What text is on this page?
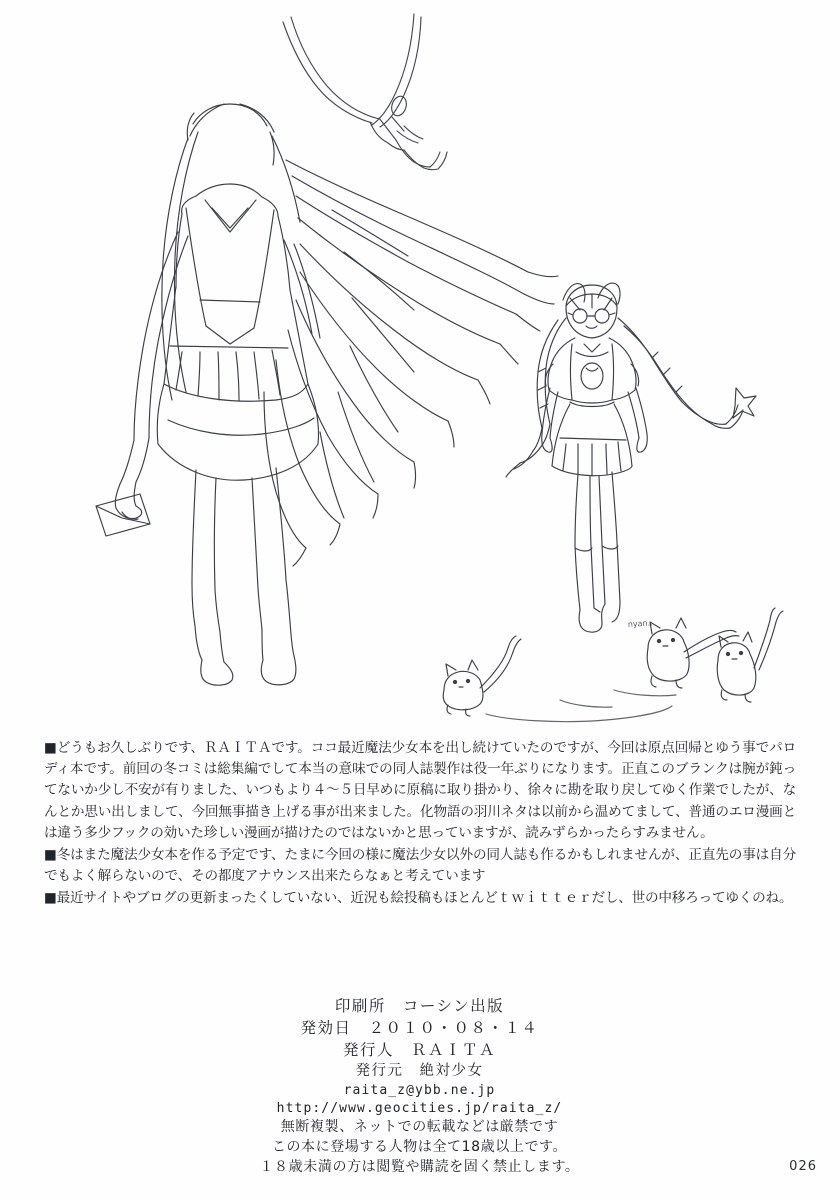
nyan...

■どうもお久しぶりです、ＲＡＩＴＡです。ココ最近魔法少女本を出し続けていたのですが、今回は原点回帰とゆう事でパロディ本です。前回の冬コミは総集編でして本当の意味での同人誌製作は役一年ぶりになります。正直このブランクは腕が鈍ってないか少し不安が有りました、いつもより４〜５日早めに原稿に取り掛かり、徐々に勘を取り戻してゆく作業でしたが、なんとか思い出しまして、今回無事描き上げる事が出来ました。化物語の羽川ネタは以前から温めてまして、普通のエロ漫画とは違う多少フックの効いた珍しい漫画が描けたのではないかと思っていますが、読みずらかったらすみません。

■冬はまた魔法少女本を作る予定です、たまに今回の様に魔法少女以外の同人誌も作るかもしれませんが、正直先の事は自分でもよく解らないので、その都度アナウンス出来たらなぁと考えています

■最近サイトやブログの更新まったくしていない、近況も絵投稿もほとんどｔｗｉｔｔｅｒだし、世の中移ろってゆくのね。

印刷所　コーシン出版
発効日　２０１０・０８・１４
発行人　ＲＡＩＴＡ
発行元　絶対少女
raita_z@ybb.ne.jp
http://www.geocities.jp/raita_z/
無断複製、ネットでの転載などは厳禁です
この本に登場する人物は全て18歳以上です。
１８歳未満の方は閲覧や購読を固く禁止します。	026
